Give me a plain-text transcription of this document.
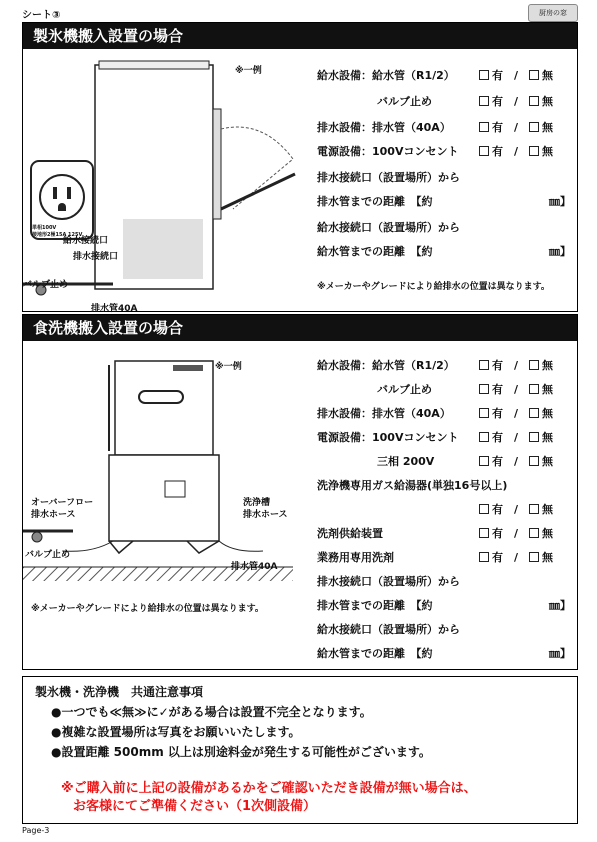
シート③	厨房の窓
製氷機搬入設置の場合
単相100V
接地形2極15A 125V
※一例
給水接続口
排水接続口
バルブ止め
排水管40A
給水設備：給水管（R1/2）	有　 /　 無
バルブ止め	有　 /　 無
排水設備：排水管（40A）	有　 /　 無
電源設備：100Vコンセント	有　 /　 無
排水接続口（設置場所）から
排水管までの距離　【約	㎜】
給水接続口（設置場所）から
給水管までの距離　【約	㎜】
※メーカーやグレードにより給排水の位置は異なります。
食洗機搬入設置の場合
※一例
オーバーフロー
排水ホース
洗浄槽
排水ホース
バルブ止め
排水管40A
※メーカーやグレードにより給排水の位置は異なります。
給水設備：給水管（R1/2）	有　 /　 無
バルブ止め	有　 /　 無
排水設備：排水管（40A）	有　 /　 無
電源設備：100Vコンセント	有　 /　 無
三相 200V	有　 /　 無
洗浄機専用ガス給湯器(単独16号以上)
有　 /　 無
洗剤供給装置	有　 /　 無
業務用専用洗剤	有　 /　 無
排水接続口（設置場所）から
排水管までの距離　【約	㎜】
給水接続口（設置場所）から
給水管までの距離　【約	㎜】
製氷機・洗浄機　共通注意事項
●一つでも≪無≫に✓がある場合は設置不完全となります。
●複雑な設置場所は写真をお願いいたします。
●設置距離 500mm 以上は別途料金が発生する可能性がございます。
※ご購入前に上記の設備があるかをご確認いただき設備が無い場合は、
お客様にてご準備ください（1次側設備）
Page-3
